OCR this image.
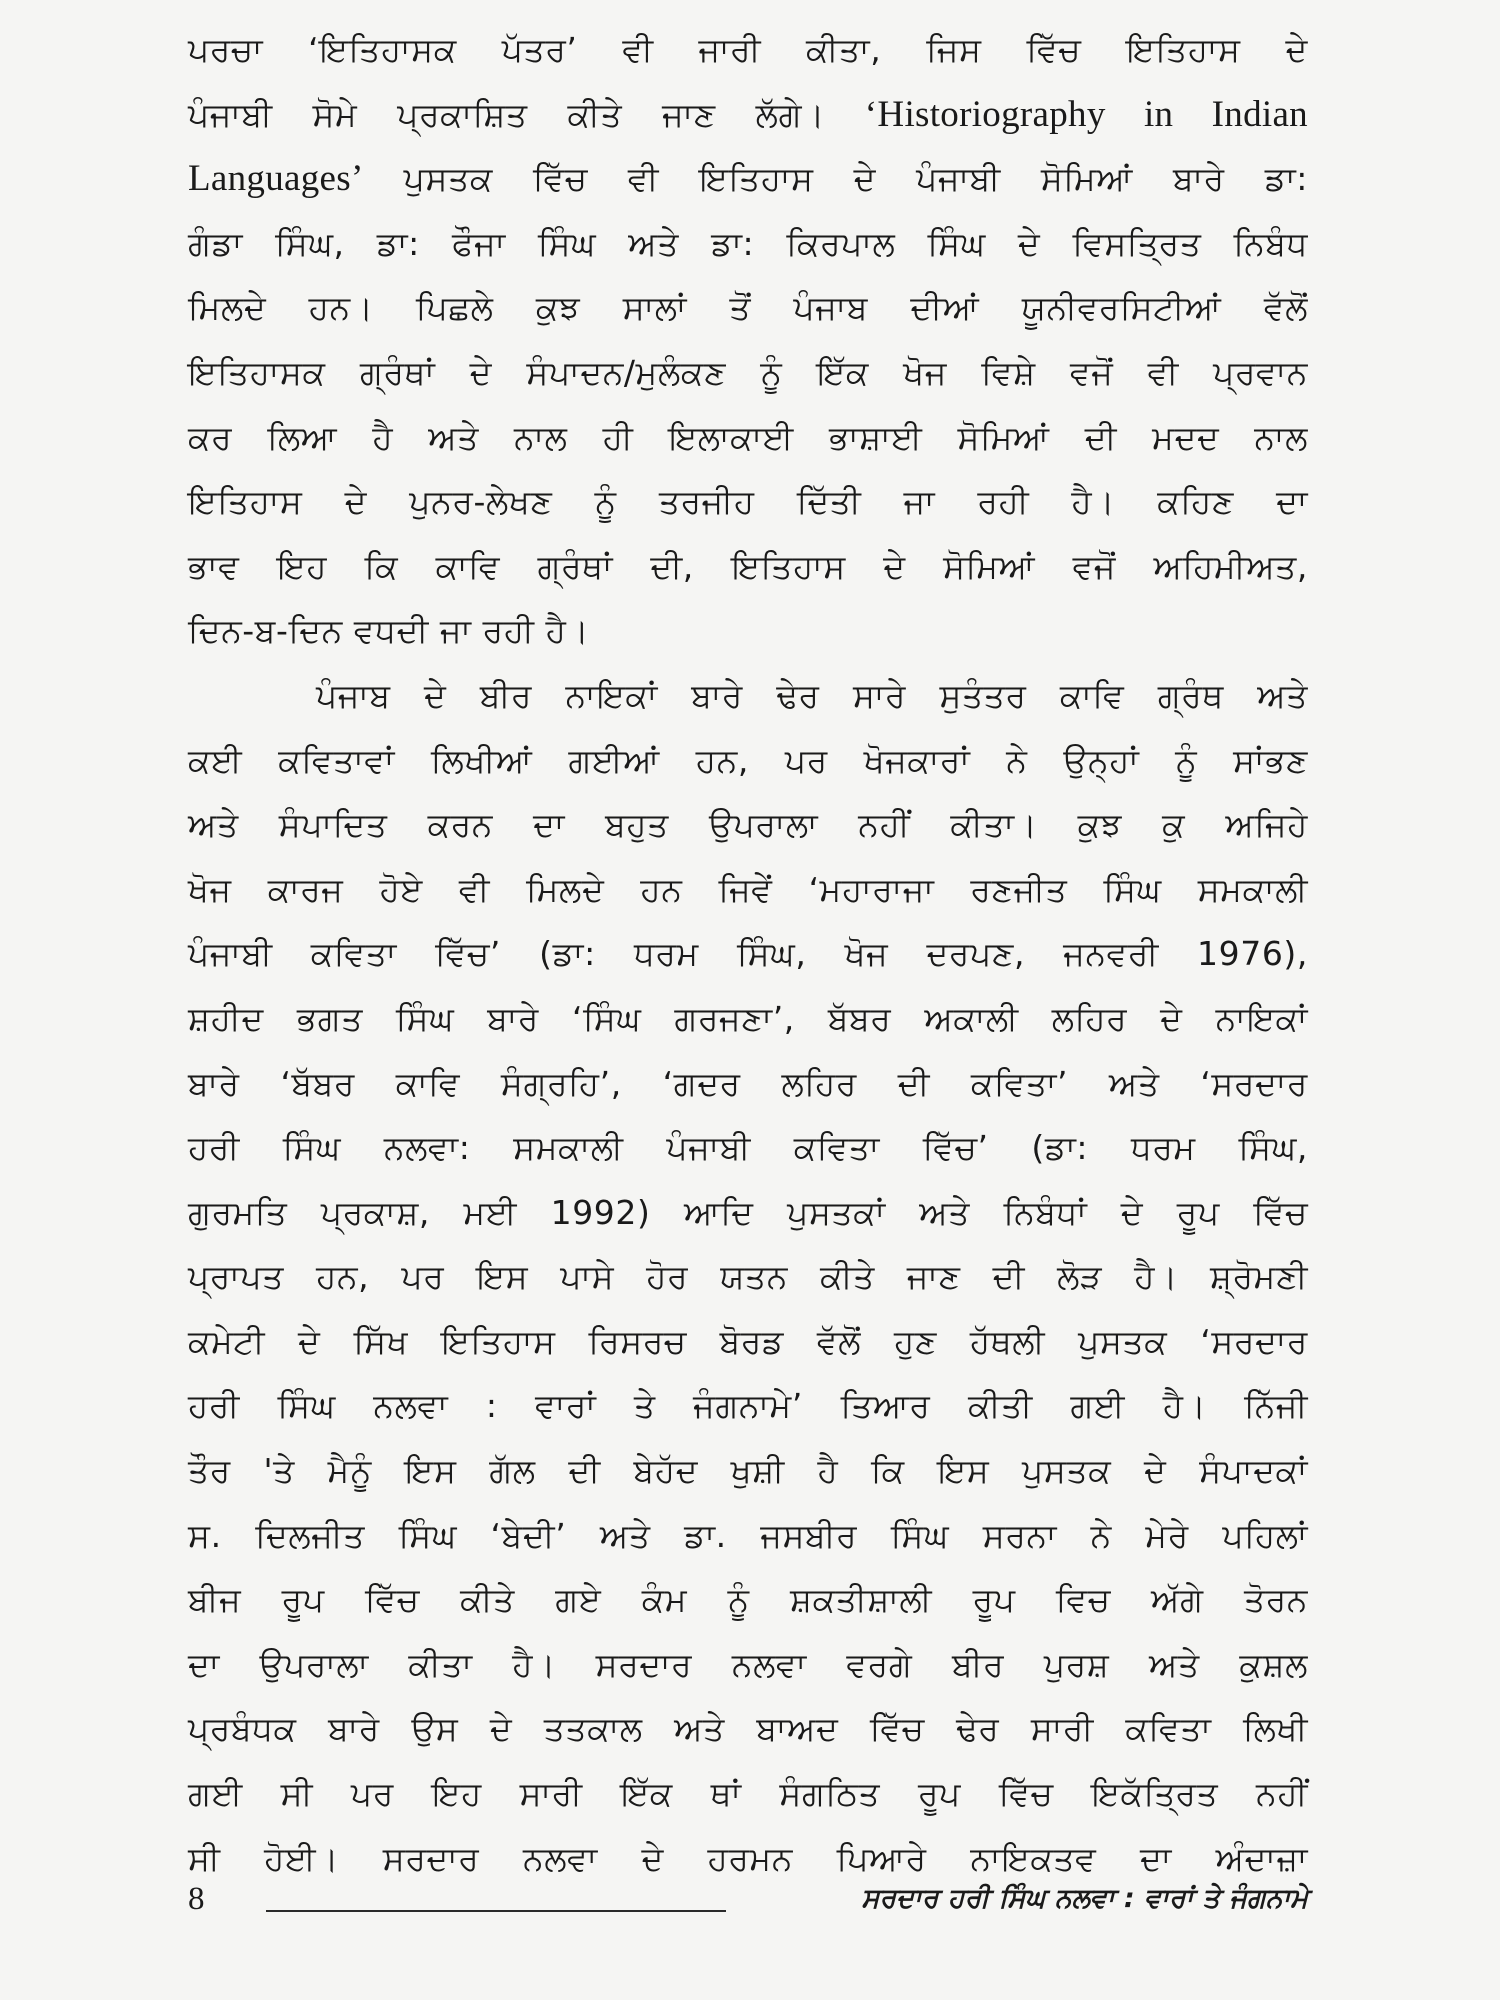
ਪਰਚਾ ‘ਇਤਿਹਾਸਕ ਪੱਤਰ’ ਵੀ ਜਾਰੀ ਕੀਤਾ, ਜਿਸ ਵਿੱਚ ਇਤਿਹਾਸ ਦੇ
ਪੰਜਾਬੀ ਸੋਮੇ ਪ੍ਰਕਾਸ਼ਿਤ ਕੀਤੇ ਜਾਣ ਲੱਗੇ। ‘Historiography in Indian
Languages’ ਪੁਸਤਕ ਵਿੱਚ ਵੀ ਇਤਿਹਾਸ ਦੇ ਪੰਜਾਬੀ ਸੋਮਿਆਂ ਬਾਰੇ ਡਾ:
ਗੰਡਾ ਸਿੰਘ, ਡਾ: ਫੌਜਾ ਸਿੰਘ ਅਤੇ ਡਾ: ਕਿਰਪਾਲ ਸਿੰਘ ਦੇ ਵਿਸਤ੍ਰਿਤ ਨਿਬੰਧ
ਮਿਲਦੇ ਹਨ। ਪਿਛਲੇ ਕੁਝ ਸਾਲਾਂ ਤੋਂ ਪੰਜਾਬ ਦੀਆਂ ਯੂਨੀਵਰਸਿਟੀਆਂ ਵੱਲੋਂ
ਇਤਿਹਾਸਕ ਗ੍ਰੰਥਾਂ ਦੇ ਸੰਪਾਦਨ/ਮੁਲੰਕਣ ਨੂੰ ਇੱਕ ਖੋਜ ਵਿਸ਼ੇ ਵਜੋਂ ਵੀ ਪ੍ਰਵਾਨ
ਕਰ ਲਿਆ ਹੈ ਅਤੇ ਨਾਲ ਹੀ ਇਲਾਕਾਈ ਭਾਸ਼ਾਈ ਸੋਮਿਆਂ ਦੀ ਮਦਦ ਨਾਲ
ਇਤਿਹਾਸ ਦੇ ਪੁਨਰ-ਲੇਖਣ ਨੂੰ ਤਰਜੀਹ ਦਿੱਤੀ ਜਾ ਰਹੀ ਹੈ। ਕਹਿਣ ਦਾ
ਭਾਵ ਇਹ ਕਿ ਕਾਵਿ ਗ੍ਰੰਥਾਂ ਦੀ, ਇਤਿਹਾਸ ਦੇ ਸੋਮਿਆਂ ਵਜੋਂ ਅਹਿਮੀਅਤ,
ਦਿਨ-ਬ-ਦਿਨ ਵਧਦੀ ਜਾ ਰਹੀ ਹੈ।
ਪੰਜਾਬ ਦੇ ਬੀਰ ਨਾਇਕਾਂ ਬਾਰੇ ਢੇਰ ਸਾਰੇ ਸੁਤੰਤਰ ਕਾਵਿ ਗ੍ਰੰਥ ਅਤੇ
ਕਈ ਕਵਿਤਾਵਾਂ ਲਿਖੀਆਂ ਗਈਆਂ ਹਨ, ਪਰ ਖੋਜਕਾਰਾਂ ਨੇ ਉਨ੍ਹਾਂ ਨੂੰ ਸਾਂਭਣ
ਅਤੇ ਸੰਪਾਦਿਤ ਕਰਨ ਦਾ ਬਹੁਤ ਉਪਰਾਲਾ ਨਹੀਂ ਕੀਤਾ। ਕੁਝ ਕੁ ਅਜਿਹੇ
ਖੋਜ ਕਾਰਜ ਹੋਏ ਵੀ ਮਿਲਦੇ ਹਨ ਜਿਵੇਂ ‘ਮਹਾਰਾਜਾ ਰਣਜੀਤ ਸਿੰਘ ਸਮਕਾਲੀ
ਪੰਜਾਬੀ ਕਵਿਤਾ ਵਿੱਚ’ (ਡਾ: ਧਰਮ ਸਿੰਘ, ਖੋਜ ਦਰਪਣ, ਜਨਵਰੀ 1976),
ਸ਼ਹੀਦ ਭਗਤ ਸਿੰਘ ਬਾਰੇ ‘ਸਿੰਘ ਗਰਜਣਾ’, ਬੱਬਰ ਅਕਾਲੀ ਲਹਿਰ ਦੇ ਨਾਇਕਾਂ
ਬਾਰੇ ‘ਬੱਬਰ ਕਾਵਿ ਸੰਗ੍ਰਹਿ’, ‘ਗਦਰ ਲਹਿਰ ਦੀ ਕਵਿਤਾ’ ਅਤੇ ‘ਸਰਦਾਰ
ਹਰੀ ਸਿੰਘ ਨਲਵਾ: ਸਮਕਾਲੀ ਪੰਜਾਬੀ ਕਵਿਤਾ ਵਿੱਚ’ (ਡਾ: ਧਰਮ ਸਿੰਘ,
ਗੁਰਮਤਿ ਪ੍ਰਕਾਸ਼, ਮਈ 1992) ਆਦਿ ਪੁਸਤਕਾਂ ਅਤੇ ਨਿਬੰਧਾਂ ਦੇ ਰੂਪ ਵਿੱਚ
ਪ੍ਰਾਪਤ ਹਨ, ਪਰ ਇਸ ਪਾਸੇ ਹੋਰ ਯਤਨ ਕੀਤੇ ਜਾਣ ਦੀ ਲੋੜ ਹੈ। ਸ਼੍ਰੋਮਣੀ
ਕਮੇਟੀ ਦੇ ਸਿੱਖ ਇਤਿਹਾਸ ਰਿਸਰਚ ਬੋਰਡ ਵੱਲੋਂ ਹੁਣ ਹੱਥਲੀ ਪੁਸਤਕ ‘ਸਰਦਾਰ
ਹਰੀ ਸਿੰਘ ਨਲਵਾ : ਵਾਰਾਂ ਤੇ ਜੰਗਨਾਮੇ’ ਤਿਆਰ ਕੀਤੀ ਗਈ ਹੈ। ਨਿੱਜੀ
ਤੌਰ 'ਤੇ ਮੈਨੂੰ ਇਸ ਗੱਲ ਦੀ ਬੇਹੱਦ ਖੁਸ਼ੀ ਹੈ ਕਿ ਇਸ ਪੁਸਤਕ ਦੇ ਸੰਪਾਦਕਾਂ
ਸ. ਦਿਲਜੀਤ ਸਿੰਘ ‘ਬੇਦੀ’ ਅਤੇ ਡਾ. ਜਸਬੀਰ ਸਿੰਘ ਸਰਨਾ ਨੇ ਮੇਰੇ ਪਹਿਲਾਂ
ਬੀਜ ਰੂਪ ਵਿੱਚ ਕੀਤੇ ਗਏ ਕੰਮ ਨੂੰ ਸ਼ਕਤੀਸ਼ਾਲੀ ਰੂਪ ਵਿਚ ਅੱਗੇ ਤੋਰਨ
ਦਾ ਉਪਰਾਲਾ ਕੀਤਾ ਹੈ। ਸਰਦਾਰ ਨਲਵਾ ਵਰਗੇ ਬੀਰ ਪੁਰਸ਼ ਅਤੇ ਕੁਸ਼ਲ
ਪ੍ਰਬੰਧਕ ਬਾਰੇ ਉਸ ਦੇ ਤਤਕਾਲ ਅਤੇ ਬਾਅਦ ਵਿੱਚ ਢੇਰ ਸਾਰੀ ਕਵਿਤਾ ਲਿਖੀ
ਗਈ ਸੀ ਪਰ ਇਹ ਸਾਰੀ ਇੱਕ ਥਾਂ ਸੰਗਠਿਤ ਰੂਪ ਵਿੱਚ ਇਕੱਤ੍ਰਿਤ ਨਹੀਂ
ਸੀ ਹੋਈ। ਸਰਦਾਰ ਨਲਵਾ ਦੇ ਹਰਮਨ ਪਿਆਰੇ ਨਾਇਕਤਵ ਦਾ ਅੰਦਾਜ਼ਾ
8	ਸਰਦਾਰ ਹਰੀ ਸਿੰਘ ਨਲਵਾ : ਵਾਰਾਂ ਤੇ ਜੰਗਨਾਮੇ
